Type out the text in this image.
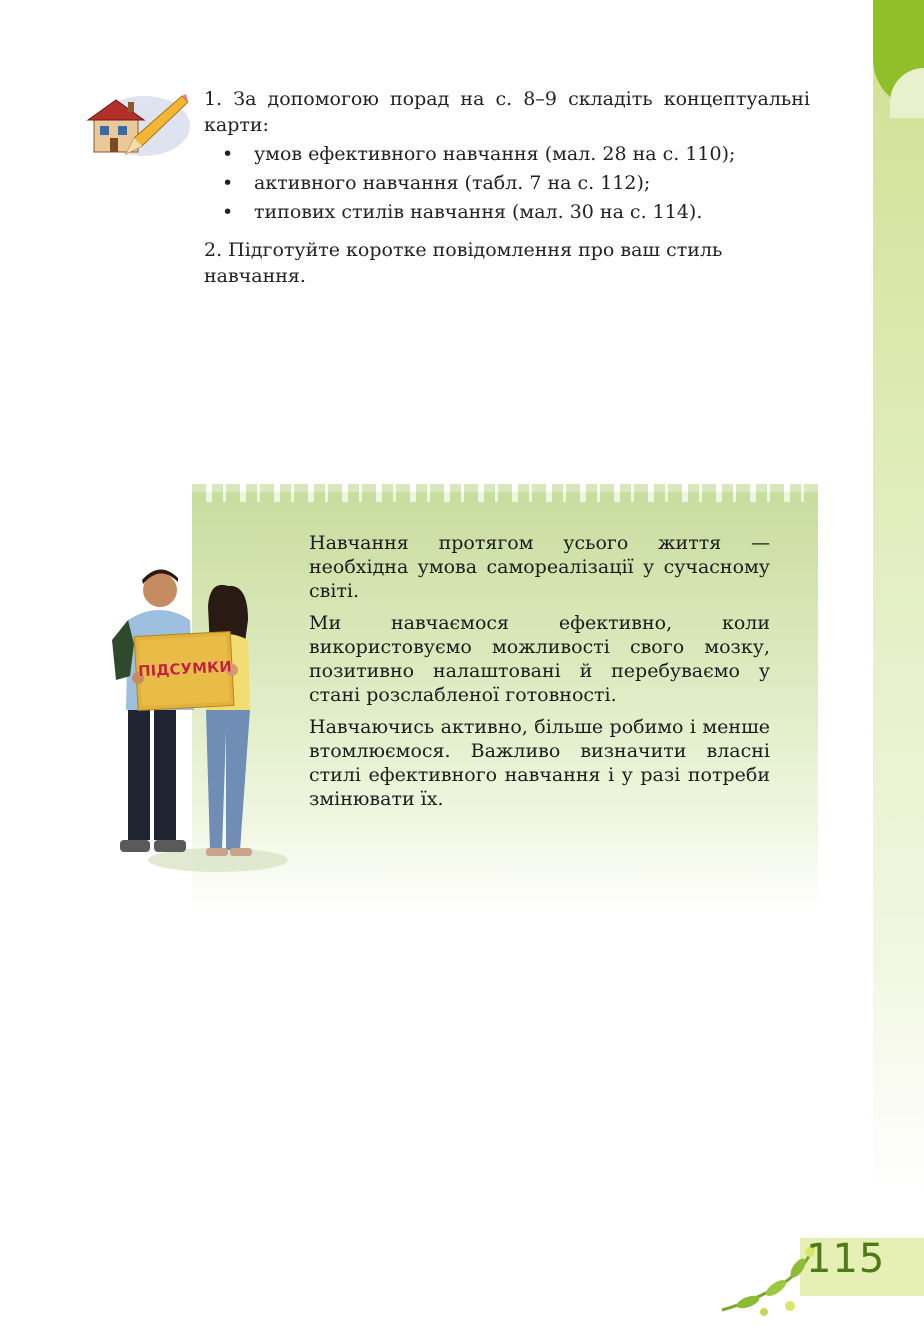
1. За допомогою порад на с. 8–9 складіть концептуальні карти:
• умов ефективного навчання (мал. 28 на с. 110);
• активного навчання (табл. 7 на с. 112);
• типових стилів навчання (мал. 30 на с. 114).
2. Підготуйте коротке повідомлення про ваш стиль навчання.
ПІДСУМКИ

Навчання протягом усього життя — необхідна умова самореалізації у сучасному світі.

Ми навчаємося ефективно, коли використовуємо можливості свого мозку, позитивно налаштовані й перебуваємо у стані розслабленої готовності.

Навчаючись активно, більше робимо і менше втомлюємося. Важливо визначити власні стилі ефективного навчання і у разі потреби змінювати їх.

115
